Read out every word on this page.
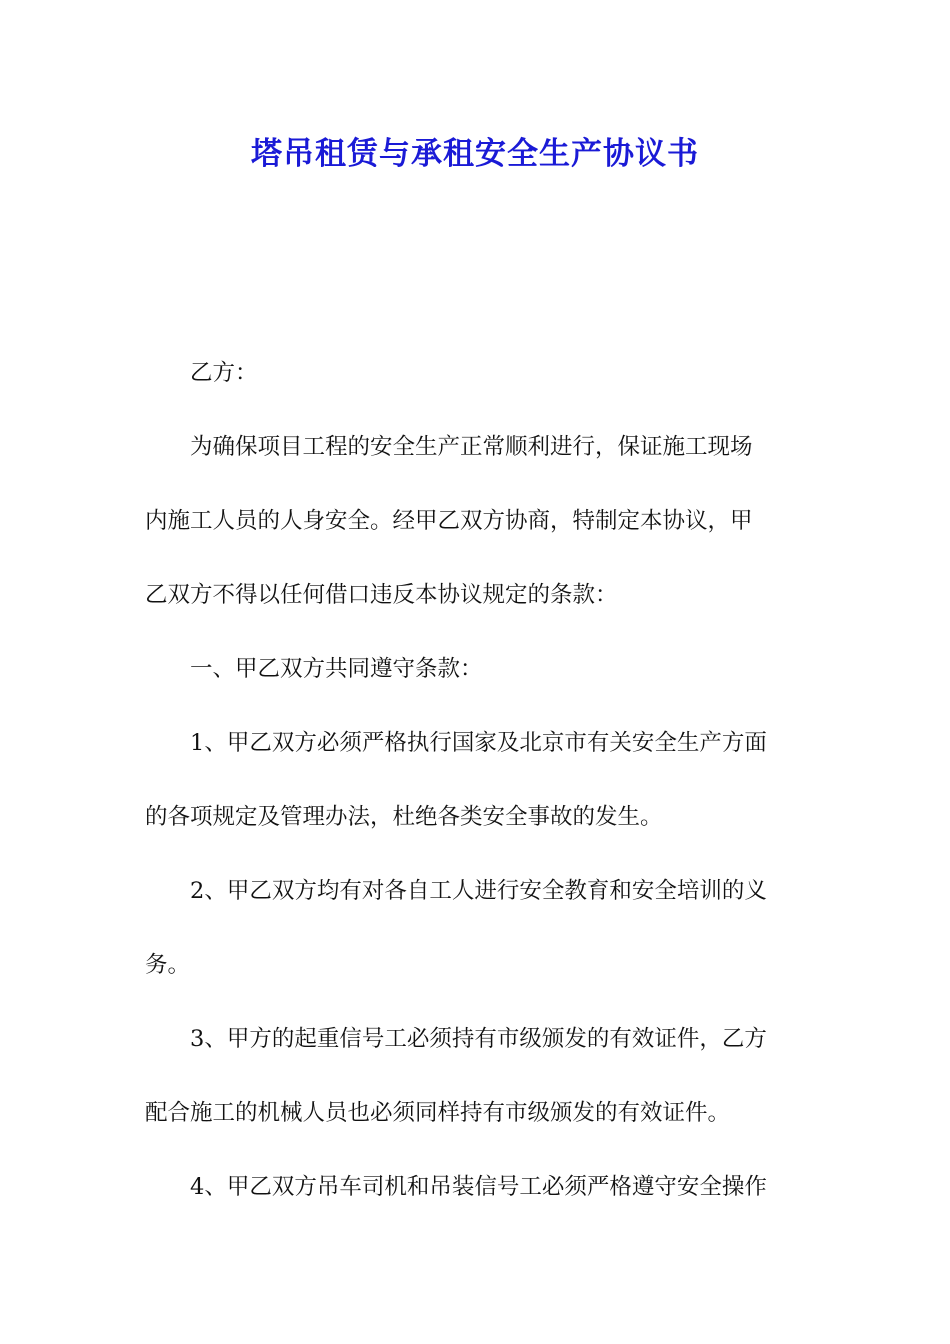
塔吊租赁与承租安全生产协议书

乙方：

为确保项目工程的安全生产正常顺利进行，保证施工现场
内施工人员的人身安全。经甲乙双方协商，特制定本协议，甲
乙双方不得以任何借口违反本协议规定的条款：

一、甲乙双方共同遵守条款：

1、甲乙双方必须严格执行国家及北京市有关安全生产方面
的各项规定及管理办法，杜绝各类安全事故的发生。

2、甲乙双方均有对各自工人进行安全教育和安全培训的义
务。

3、甲方的起重信号工必须持有市级颁发的有效证件，乙方
配合施工的机械人员也必须同样持有市级颁发的有效证件。

4、甲乙双方吊车司机和吊装信号工必须严格遵守安全操作
